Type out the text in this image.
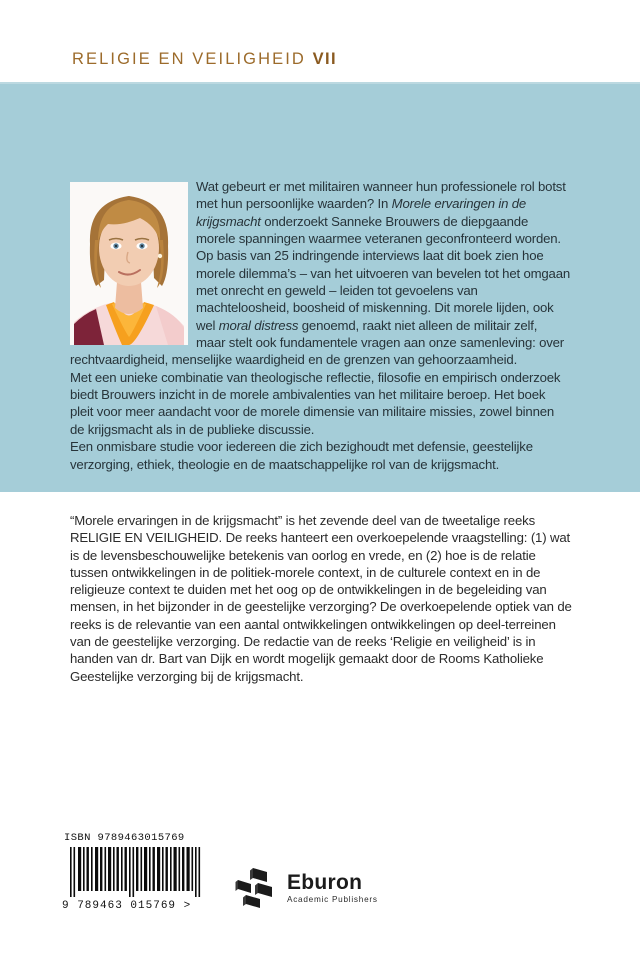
RELIGIE EN VEILIGHEID VII

Wat gebeurt er met militairen wanneer hun professionele rol botst met hun persoonlijke waarden? In Morele ervaringen in de krijgsmacht onderzoekt Sanneke Brouwers de diepgaande morele spanningen waarmee veteranen geconfronteerd worden.

Op basis van 25 indringende interviews laat dit boek zien hoe morele dilemma’s – van het uitvoeren van bevelen tot het omgaan met onrecht en geweld – leiden tot gevoelens van machteloosheid, boosheid of miskenning. Dit morele lijden, ook wel moral distress genoemd, raakt niet alleen de militair zelf, maar stelt ook fundamentele vragen aan onze samenleving: over rechtvaardigheid, menselijke waardigheid en de grenzen van gehoorzaamheid.

Met een unieke combinatie van theologische reflectie, filosofie en empirisch onderzoek biedt Brouwers inzicht in de morele ambivalenties van het militaire beroep. Het boek pleit voor meer aandacht voor de morele dimensie van militaire missies, zowel binnen de krijgsmacht als in de publieke discussie.

Een onmisbare studie voor iedereen die zich bezighoudt met defensie, geestelijke verzorging, ethiek, theologie en de maatschappelijke rol van de krijgsmacht.

“Morele ervaringen in de krijgsmacht” is het zevende deel van de tweetalige reeks RELIGIE EN VEILIGHEID. De reeks hanteert een overkoepelende vraagstelling: (1) wat is de levensbeschouwelijke betekenis van oorlog en vrede, en (2) hoe is de relatie tussen ontwikkelingen in de politiek-morele context, in de culturele context en in de religieuze context te duiden met het oog op de ontwikkelingen in de begeleiding van mensen, in het bijzonder in de geestelijke verzorging? De overkoepelende optiek van de reeks is de relevantie van een aantal ontwikkelingen ontwikkelingen op deel-terreinen van de geestelijke verzorging. De redactie van de reeks ‘Religie en veiligheid’ is in handen van dr. Bart van Dijk en wordt mogelijk gemaakt door de Rooms Katholieke Geestelijke verzorging bij de krijgsmacht.

ISBN 9789463015769
9 789463 015769 >
Eburon
Academic Publishers
